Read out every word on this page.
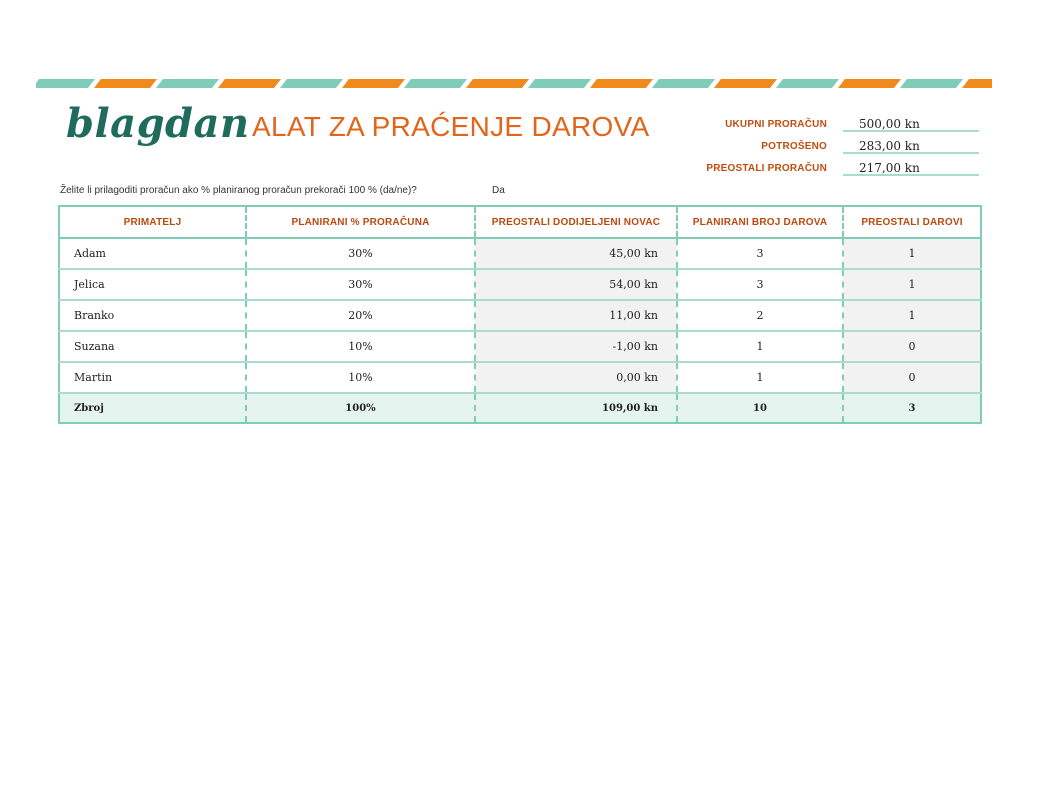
blagdan ALAT ZA PRAĆENJE DAROVA	UKUPNI PRORAČUN	500,00 kn
POTROŠENO	283,00 kn
PREOSTALI PRORAČUN	217,00 kn
Želite li prilagoditi proračun ako % planiranog proračun prekorači 100 % (da/ne)?	Da
PRIMATELJ	PLANIRANI % PRORAČUNA	PREOSTALI DODIJELJENI NOVAC	PLANIRANI BROJ DAROVA	PREOSTALI DAROVI
Adam	30%	45,00 kn	3	1
Jelica	30%	54,00 kn	3	1
Branko	20%	11,00 kn	2	1
Suzana	10%	-1,00 kn	1	0
Martin	10%	0,00 kn	1	0
Zbroj	100%	109,00 kn	10	3
